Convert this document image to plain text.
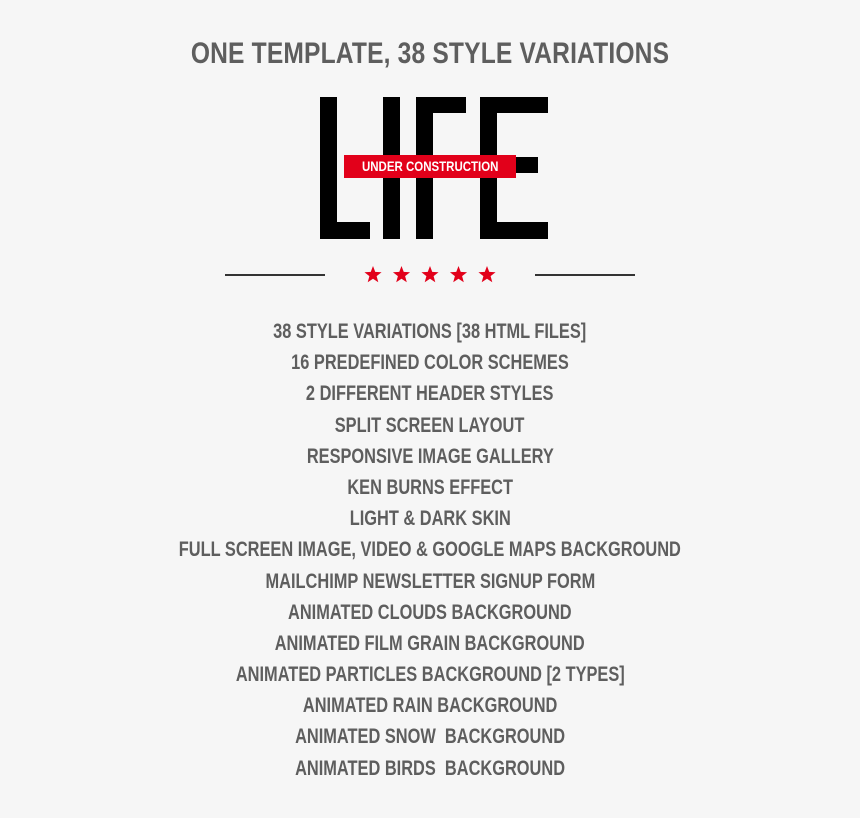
ONE TEMPLATE, 38 STYLE VARIATIONS
UNDER CONSTRUCTION
38 STYLE VARIATIONS [38 HTML FILES]
16 PREDEFINED COLOR SCHEMES
2 DIFFERENT HEADER STYLES
SPLIT SCREEN LAYOUT
RESPONSIVE IMAGE GALLERY
KEN BURNS EFFECT
LIGHT & DARK SKIN
FULL SCREEN IMAGE, VIDEO & GOOGLE MAPS BACKGROUND
MAILCHIMP NEWSLETTER SIGNUP FORM
ANIMATED CLOUDS BACKGROUND
ANIMATED FILM GRAIN BACKGROUND
ANIMATED PARTICLES BACKGROUND [2 TYPES]
ANIMATED RAIN BACKGROUND
ANIMATED SNOW  BACKGROUND
ANIMATED BIRDS  BACKGROUND
